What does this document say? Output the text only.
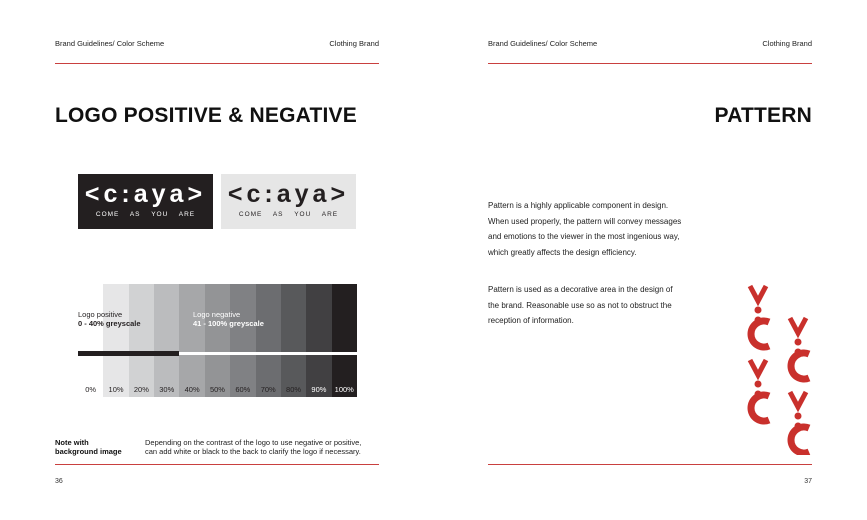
Brand Guidelines/ Color Scheme	Clothing Brand
LOGO POSITIVE & NEGATIVE
<c:aya>
COME AS YOU ARE
<c:aya>
COME AS YOU ARE
0%	10%	20%	30%	40%	50%	60%	70%	80%	90%	100%
Logo positive
0 - 40% greyscale
Logo negative
41 - 100% greyscale
Note with
background image
Depending on the contrast of the logo to use negative or positive,
can add white or black to the back to clarify the logo if necessary.
36
Brand Guidelines/ Color Scheme	Clothing Brand
PATTERN
Pattern is a highly applicable component in design.
When used properly, the pattern will convey messages
and emotions to the viewer in the most ingenious way,
which greatly affects the design efficiency.
Pattern is used as a decorative area in the design of
the brand. Reasonable use so as not to obstruct the
reception of information.
37
